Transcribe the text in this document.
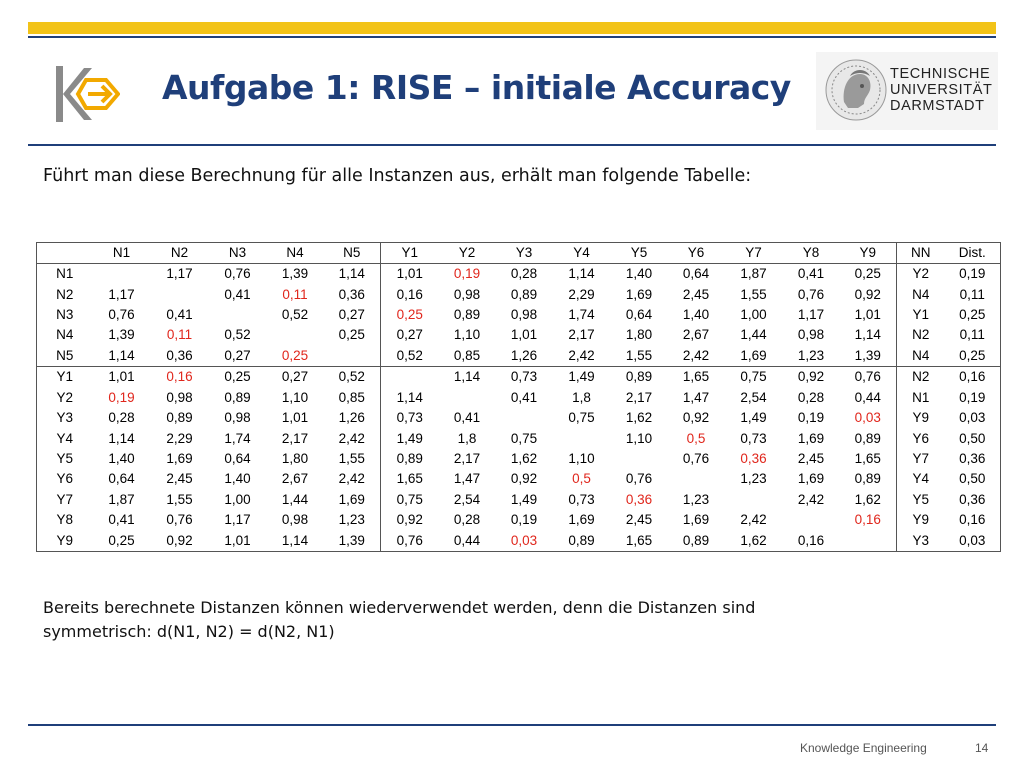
Aufgabe 1: RISE – initiale Accuracy	TECHNISCHE
UNIVERSITÄT
DARMSTADT
Führt man diese Berechnung für alle Instanzen aus, erhält man folgende Tabelle:
	N1	N2	N3	N4	N5	Y1	Y2	Y3	Y4	Y5	Y6	Y7	Y8	Y9	NN	Dist.
N1		1,17	0,76	1,39	1,14	1,01	0,19	0,28	1,14	1,40	0,64	1,87	0,41	0,25	Y2	0,19
N2	1,17		0,41	0,11	0,36	0,16	0,98	0,89	2,29	1,69	2,45	1,55	0,76	0,92	N4	0,11
N3	0,76	0,41		0,52	0,27	0,25	0,89	0,98	1,74	0,64	1,40	1,00	1,17	1,01	Y1	0,25
N4	1,39	0,11	0,52		0,25	0,27	1,10	1,01	2,17	1,80	2,67	1,44	0,98	1,14	N2	0,11
N5	1,14	0,36	0,27	0,25		0,52	0,85	1,26	2,42	1,55	2,42	1,69	1,23	1,39	N4	0,25
Y1	1,01	0,16	0,25	0,27	0,52		1,14	0,73	1,49	0,89	1,65	0,75	0,92	0,76	N2	0,16
Y2	0,19	0,98	0,89	1,10	0,85	1,14		0,41	1,8	2,17	1,47	2,54	0,28	0,44	N1	0,19
Y3	0,28	0,89	0,98	1,01	1,26	0,73	0,41		0,75	1,62	0,92	1,49	0,19	0,03	Y9	0,03
Y4	1,14	2,29	1,74	2,17	2,42	1,49	1,8	0,75		1,10	0,5	0,73	1,69	0,89	Y6	0,50
Y5	1,40	1,69	0,64	1,80	1,55	0,89	2,17	1,62	1,10		0,76	0,36	2,45	1,65	Y7	0,36
Y6	0,64	2,45	1,40	2,67	2,42	1,65	1,47	0,92	0,5	0,76		1,23	1,69	0,89	Y4	0,50
Y7	1,87	1,55	1,00	1,44	1,69	0,75	2,54	1,49	0,73	0,36	1,23		2,42	1,62	Y5	0,36
Y8	0,41	0,76	1,17	0,98	1,23	0,92	0,28	0,19	1,69	2,45	1,69	2,42		0,16	Y9	0,16
Y9	0,25	0,92	1,01	1,14	1,39	0,76	0,44	0,03	0,89	1,65	0,89	1,62	0,16		Y3	0,03
Bereits berechnete Distanzen können wiederverwendet werden, denn die Distanzen sind
symmetrisch: d(N1, N2) = d(N2, N1)
Knowledge Engineering	14
